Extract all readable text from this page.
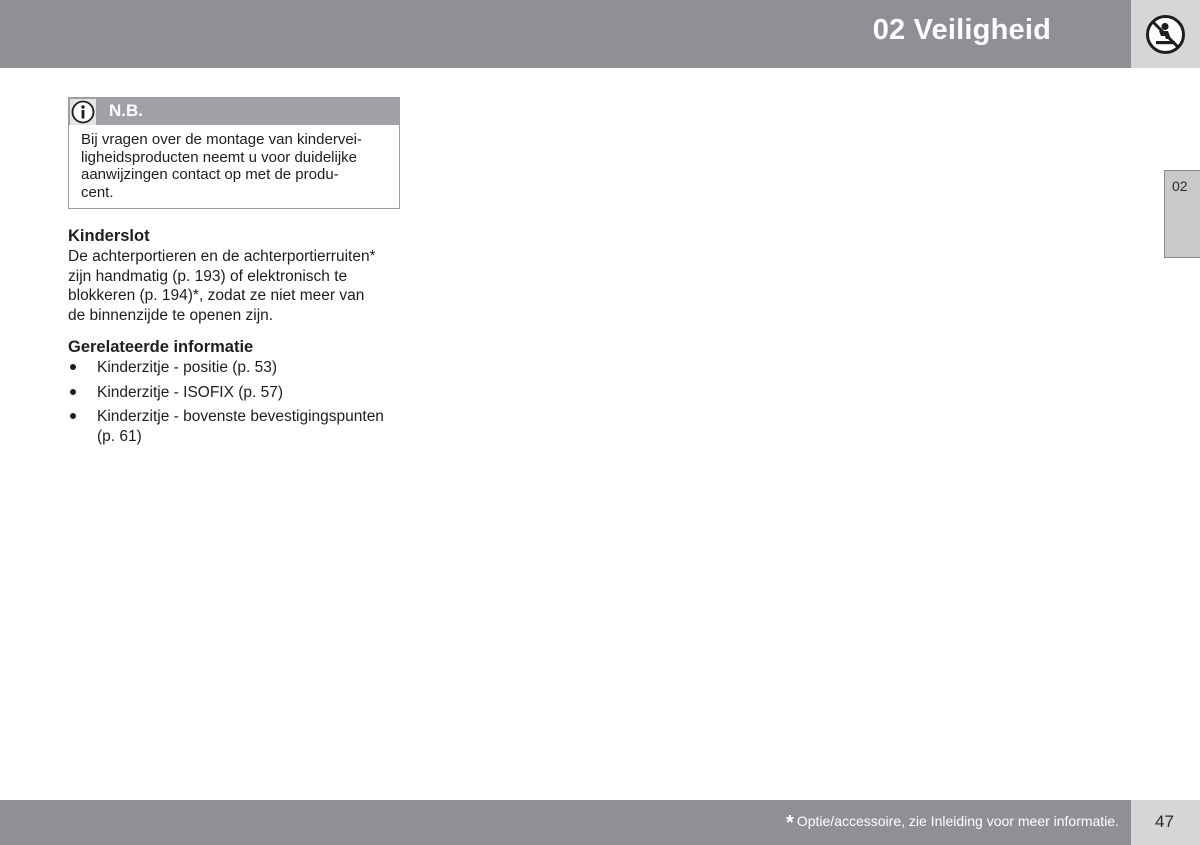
02 Veiligheid
02
N.B.
Bij vragen over de montage van kindervei-
ligheidsproducten neemt u voor duidelijke
aanwijzingen contact op met de produ-
cent.
Kinderslot
De achterportieren en de achterportierruiten*
zijn handmatig (p. 193) of elektronisch te
blokkeren (p. 194)*, zodat ze niet meer van
de binnenzijde te openen zijn.
Gerelateerde informatie
Kinderzitje - positie (p. 53)
Kinderzitje - ISOFIX (p. 57)
Kinderzitje - bovenste bevestigingspunten
(p. 61)
* Optie/accessoire, zie Inleiding voor meer informatie. 47
